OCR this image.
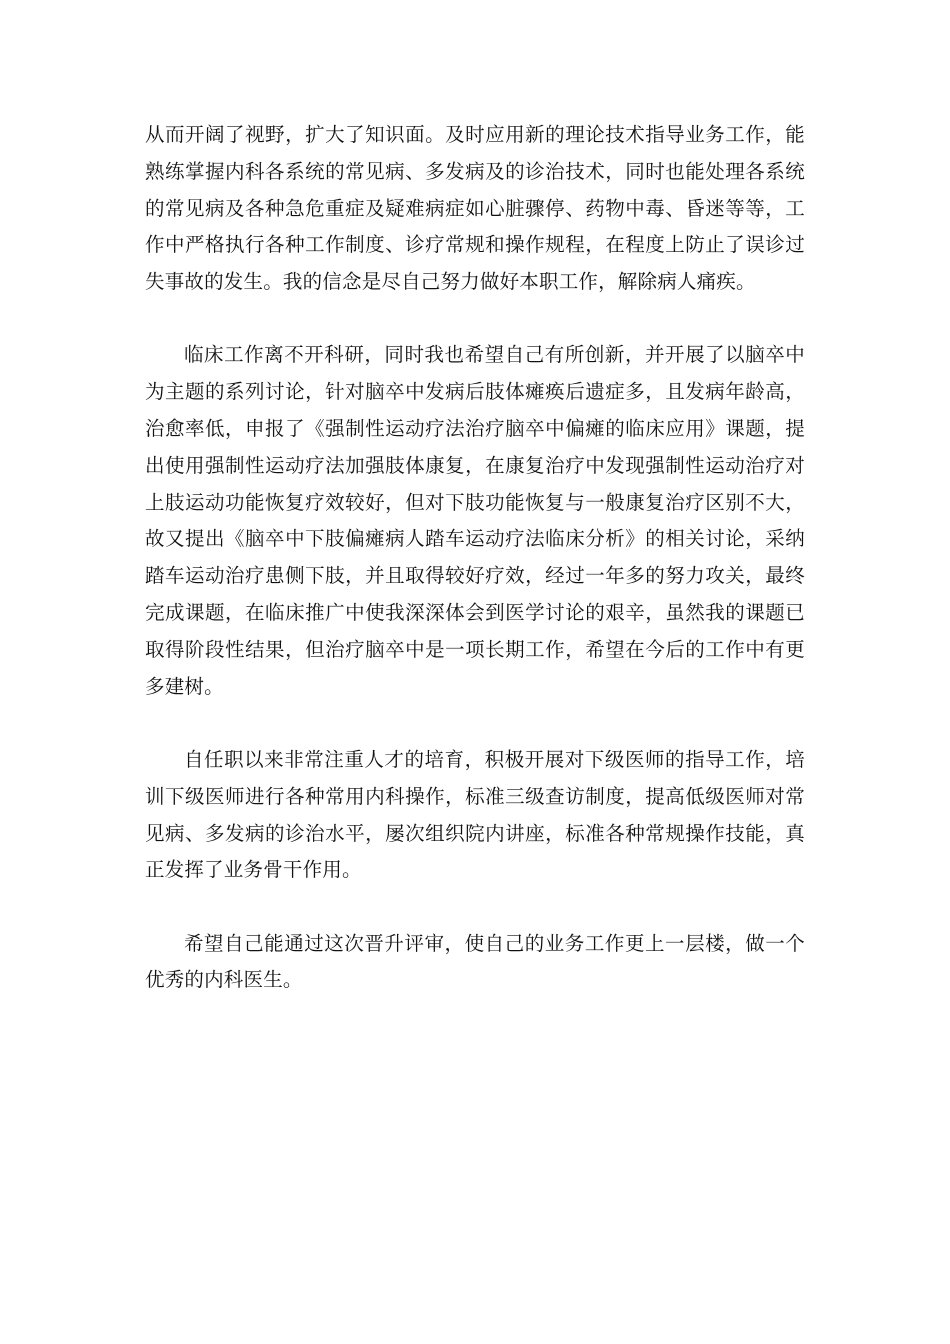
从而开阔了视野，扩大了知识面。及时应用新的理论技术指导业务工作，能熟练掌握内科各系统的常见病、多发病及的诊治技术，同时也能处理各系统的常见病及各种急危重症及疑难病症如心脏骤停、药物中毒、昏迷等等，工作中严格执行各种工作制度、诊疗常规和操作规程，在程度上防止了误诊过失事故的发生。我的信念是尽自己努力做好本职工作，解除病人痛疾。

临床工作离不开科研，同时我也希望自己有所创新，并开展了以脑卒中为主题的系列讨论，针对脑卒中发病后肢体瘫痪后遗症多，且发病年龄高，治愈率低，申报了《强制性运动疗法治疗脑卒中偏瘫的临床应用》课题，提出使用强制性运动疗法加强肢体康复，在康复治疗中发现强制性运动治疗对上肢运动功能恢复疗效较好，但对下肢功能恢复与一般康复治疗区别不大，故又提出《脑卒中下肢偏瘫病人踏车运动疗法临床分析》的相关讨论，采纳踏车运动治疗患侧下肢，并且取得较好疗效，经过一年多的努力攻关，最终完成课题，在临床推广中使我深深体会到医学讨论的艰辛，虽然我的课题已取得阶段性结果，但治疗脑卒中是一项长期工作，希望在今后的工作中有更多建树。

自任职以来非常注重人才的培育，积极开展对下级医师的指导工作，培训下级医师进行各种常用内科操作，标准三级查访制度，提高低级医师对常见病、多发病的诊治水平，屡次组织院内讲座，标准各种常规操作技能，真正发挥了业务骨干作用。

希望自己能通过这次晋升评审，使自己的业务工作更上一层楼，做一个优秀的内科医生。
